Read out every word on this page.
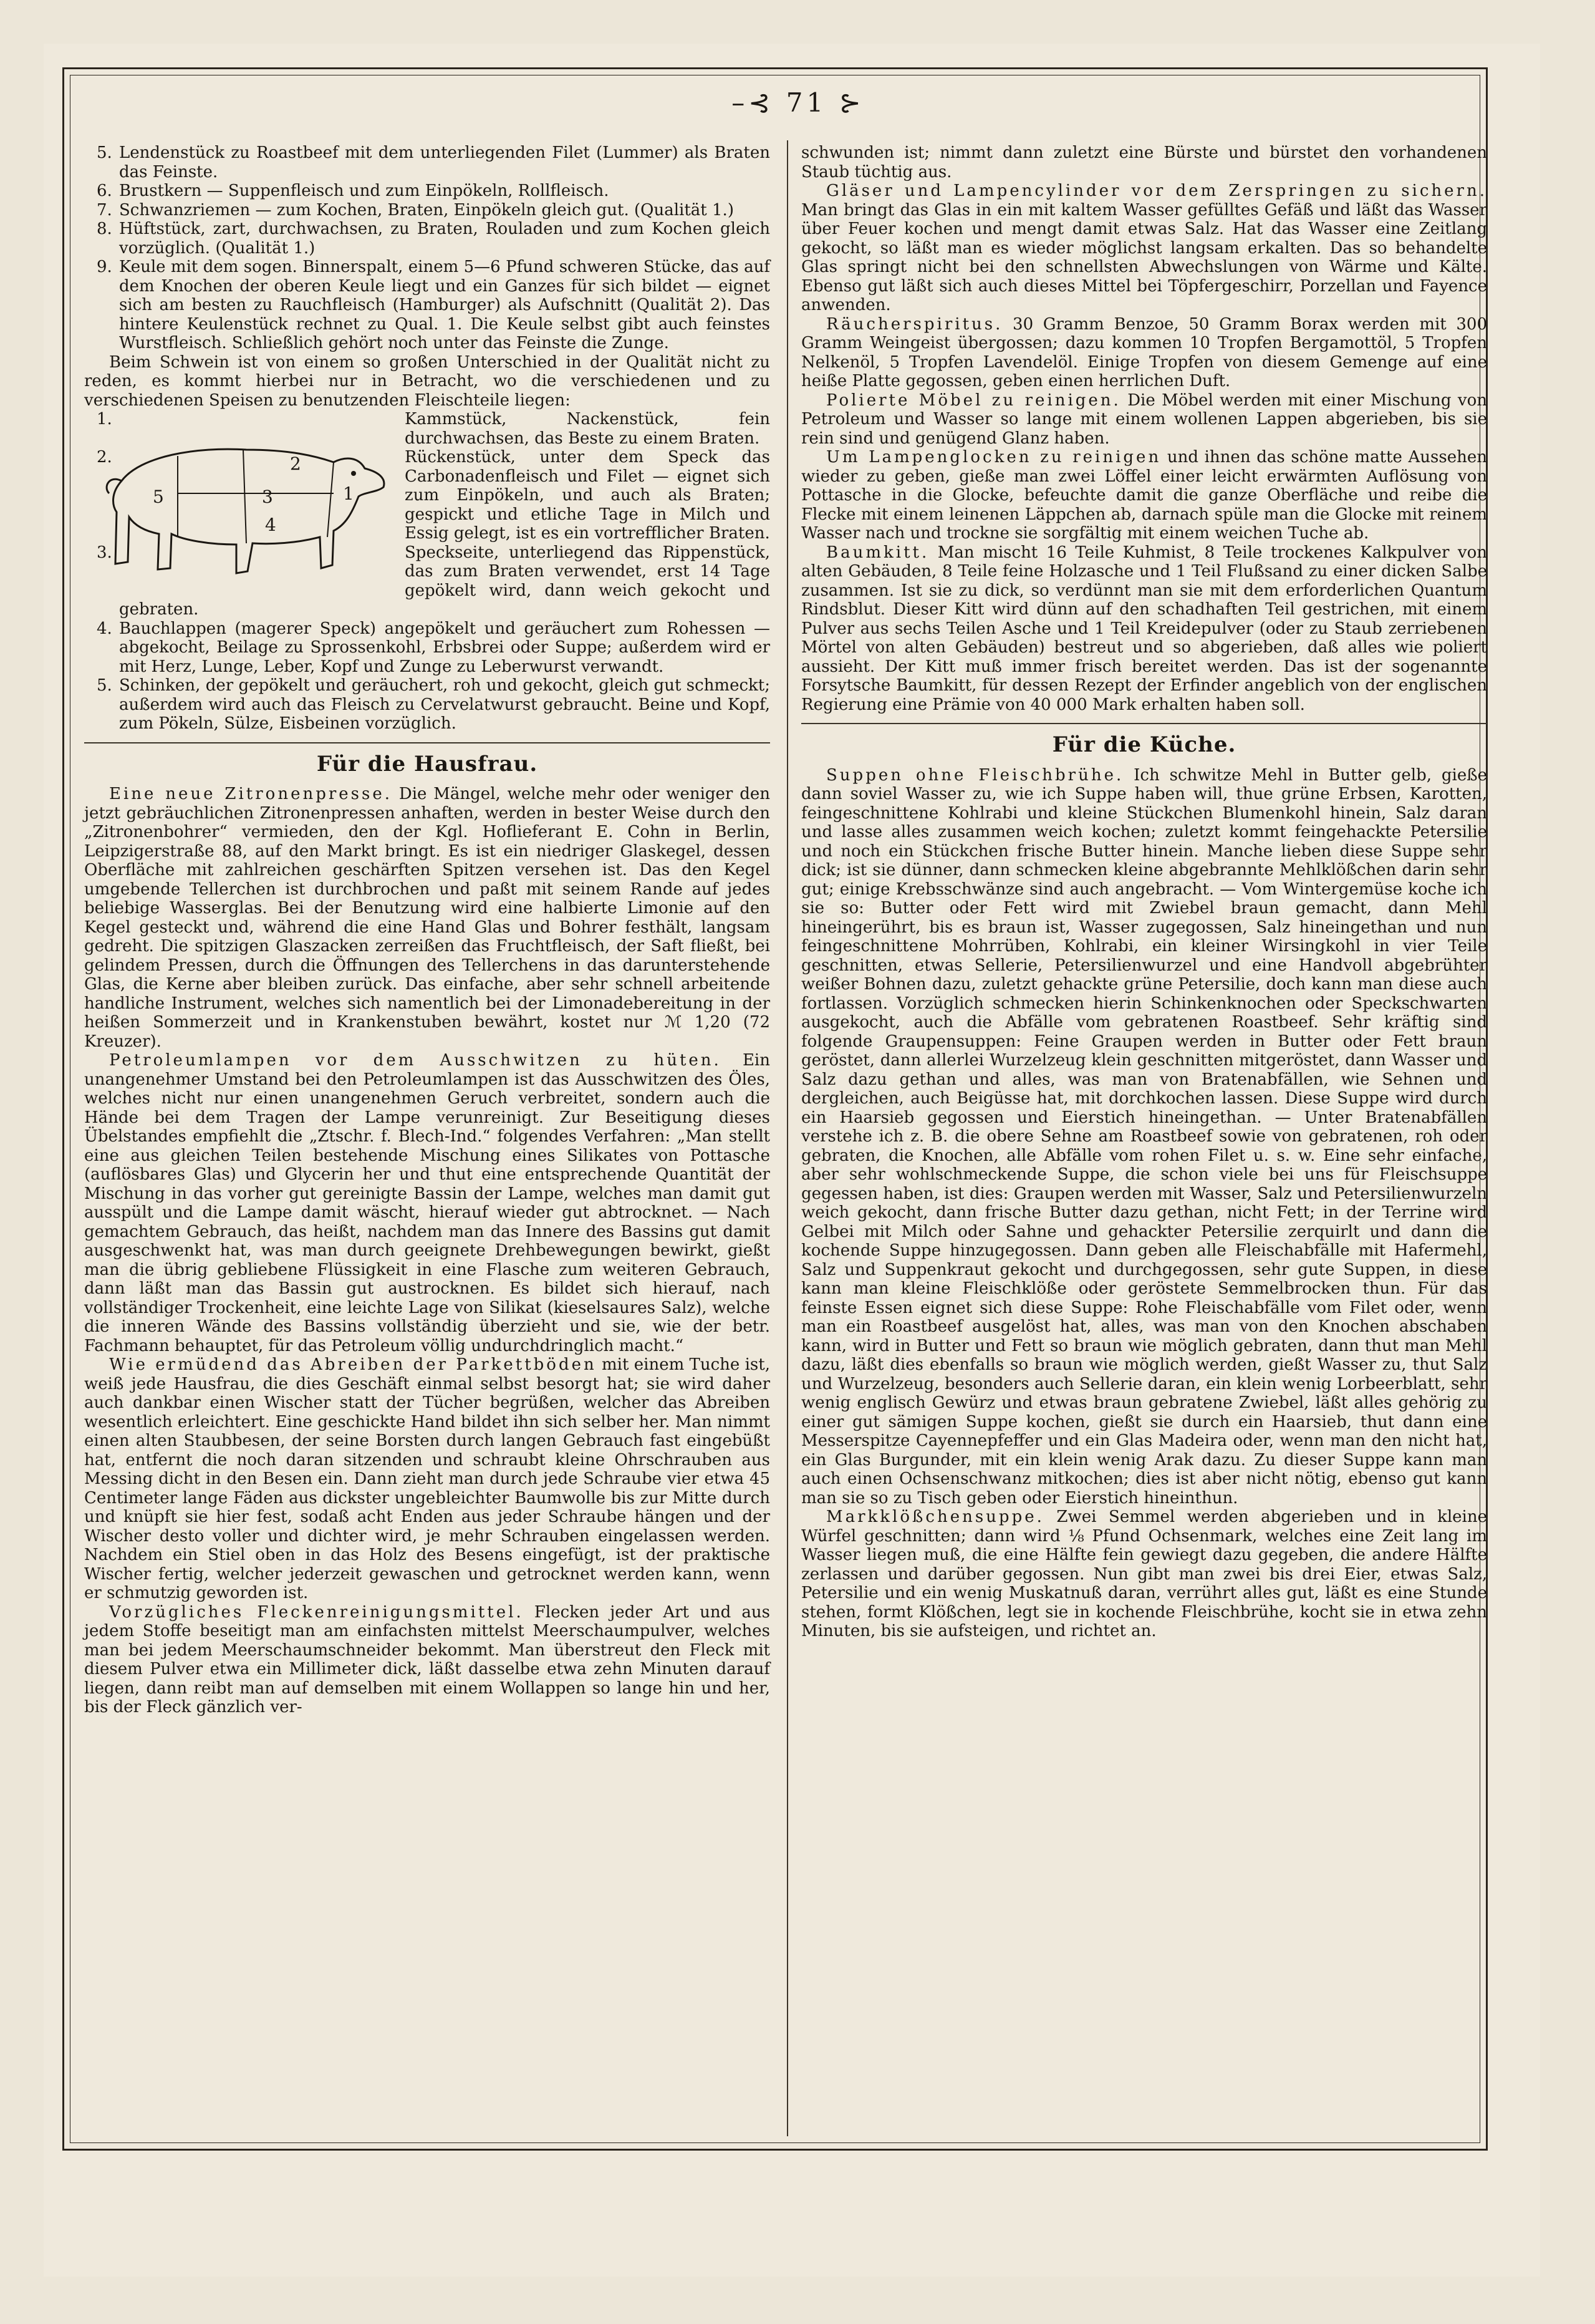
–⊰ 71 ⊱
5. Lendenstück zu Roastbeef mit dem unterliegenden Filet (Lummer) als Braten das Feinste.
6. Brustkern — Suppenfleisch und zum Einpökeln, Rollfleisch.
7. Schwanzriemen — zum Kochen, Braten, Einpökeln gleich gut. (Qualität 1.)
8. Hüftstück, zart, durchwachsen, zu Braten, Rouladen und zum Kochen gleich vorzüglich. (Qualität 1.)
9. Keule mit dem sogen. Binnerspalt, einem 5—6 Pfund schweren Stücke, das auf dem Knochen der oberen Keule liegt und ein Ganzes für sich bildet — eignet sich am besten zu Rauchfleisch (Hamburger) als Aufschnitt (Qualität 2). Das hintere Keulenstück rechnet zu Qual. 1. Die Keule selbst gibt auch feinstes Wurstfleisch. Schließlich gehört noch unter das Feinste die Zunge.

Beim Schwein ist von einem so großen Unterschied in der Qualität nicht zu reden, es kommt hierbei nur in Betracht, wo die verschiedenen und zu verschiedenen Speisen zu benutzenden Fleischteile liegen:

1
2
3
4
5
1.	Kammstück, Nackenstück, fein durchwachsen, das Beste zu einem Braten.
2.	Rückenstück, unter dem Speck das Carbonadenfleisch und Filet — eignet sich zum Einpökeln, und auch als Braten; gespickt und etliche Tage in Milch und Essig gelegt, ist es ein vortrefflicher Braten.
3.	Speckseite, unterliegend das Rippenstück, das zum Braten verwendet, erst 14 Tage gepökelt wird, dann weich gekocht und gebraten.
4. Bauchlappen (magerer Speck) angepökelt und geräuchert zum Rohessen — abgekocht, Beilage zu Sprossenkohl, Erbsbrei oder Suppe; außerdem wird er mit Herz, Lunge, Leber, Kopf und Zunge zu Leberwurst verwandt.
5. Schinken, der gepökelt und geräuchert, roh und gekocht, gleich gut schmeckt; außerdem wird auch das Fleisch zu Cervelatwurst gebraucht. Beine und Kopf, zum Pökeln, Sülze, Eisbeinen vorzüglich.
Für die Hausfrau.

Eine neue Zitronenpresse. Die Mängel, welche mehr oder weniger den jetzt gebräuchlichen Zitronenpressen anhaften, werden in bester Weise durch den „Zitronenbohrer“ vermieden, den der Kgl. Hoflieferant E. Cohn in Berlin, Leipzigerstraße 88, auf den Markt bringt. Es ist ein niedriger Glaskegel, dessen Oberfläche mit zahlreichen geschärften Spitzen versehen ist. Das den Kegel umgebende Tellerchen ist durchbrochen und paßt mit seinem Rande auf jedes beliebige Wasserglas. Bei der Benutzung wird eine halbierte Limonie auf den Kegel gesteckt und, während die eine Hand Glas und Bohrer festhält, langsam gedreht. Die spitzigen Glaszacken zerreißen das Fruchtfleisch, der Saft fließt, bei gelindem Pressen, durch die Öffnungen des Tellerchens in das darunterstehende Glas, die Kerne aber bleiben zurück. Das einfache, aber sehr schnell arbeitende handliche Instrument, welches sich namentlich bei der Limonadebereitung in der heißen Sommerzeit und in Krankenstuben bewährt, kostet nur ℳ 1,20 (72 Kreuzer).

Petroleumlampen vor dem Ausschwitzen zu hüten. Ein unangenehmer Umstand bei den Petroleumlampen ist das Ausschwitzen des Öles, welches nicht nur einen unangenehmen Geruch verbreitet, sondern auch die Hände bei dem Tragen der Lampe verunreinigt. Zur Beseitigung dieses Übelstandes empfiehlt die „Ztschr. f. Blech-Ind.“ folgendes Verfahren: „Man stellt eine aus gleichen Teilen bestehende Mischung eines Silikates von Pottasche (auflösbares Glas) und Glycerin her und thut eine entsprechende Quantität der Mischung in das vorher gut gereinigte Bassin der Lampe, welches man damit gut ausspült und die Lampe damit wäscht, hierauf wieder gut abtrocknet. — Nach gemachtem Gebrauch, das heißt, nachdem man das Innere des Bassins gut damit ausgeschwenkt hat, was man durch geeignete Drehbewegungen bewirkt, gießt man die übrig gebliebene Flüssigkeit in eine Flasche zum weiteren Gebrauch, dann läßt man das Bassin gut austrocknen. Es bildet sich hierauf, nach vollständiger Trockenheit, eine leichte Lage von Silikat (kieselsaures Salz), welche die inneren Wände des Bassins vollständig überzieht und sie, wie der betr. Fachmann behauptet, für das Petroleum völlig undurchdringlich macht.“

Wie ermüdend das Abreiben der Parkettböden mit einem Tuche ist, weiß jede Hausfrau, die dies Geschäft einmal selbst besorgt hat; sie wird daher auch dankbar einen Wischer statt der Tücher begrüßen, welcher das Abreiben wesentlich erleichtert. Eine geschickte Hand bildet ihn sich selber her. Man nimmt einen alten Staubbesen, der seine Borsten durch langen Gebrauch fast eingebüßt hat, entfernt die noch daran sitzenden und schraubt kleine Ohrschrauben aus Messing dicht in den Besen ein. Dann zieht man durch jede Schraube vier etwa 45 Centimeter lange Fäden aus dickster ungebleichter Baumwolle bis zur Mitte durch und knüpft sie hier fest, sodaß acht Enden aus jeder Schraube hängen und der Wischer desto voller und dichter wird, je mehr Schrauben eingelassen werden. Nachdem ein Stiel oben in das Holz des Besens eingefügt, ist der praktische Wischer fertig, welcher jederzeit gewaschen und getrocknet werden kann, wenn er schmutzig geworden ist.

Vorzügliches Fleckenreinigungsmittel. Flecken jeder Art und aus jedem Stoffe beseitigt man am einfachsten mittelst Meerschaumpulver, welches man bei jedem Meerschaumschneider bekommt. Man überstreut den Fleck mit diesem Pulver etwa ein Millimeter dick, läßt dasselbe etwa zehn Minuten darauf liegen, dann reibt man auf demselben mit einem Wollappen so lange hin und her, bis der Fleck gänzlich ver-

schwunden ist; nimmt dann zuletzt eine Bürste und bürstet den vorhandenen Staub tüchtig aus.

Gläser und Lampencylinder vor dem Zerspringen zu sichern. Man bringt das Glas in ein mit kaltem Wasser gefülltes Gefäß und läßt das Wasser über Feuer kochen und mengt damit etwas Salz. Hat das Wasser eine Zeitlang gekocht, so läßt man es wieder möglichst langsam erkalten. Das so behandelte Glas springt nicht bei den schnellsten Abwechslungen von Wärme und Kälte. Ebenso gut läßt sich auch dieses Mittel bei Töpfergeschirr, Porzellan und Fayence anwenden.

Räucherspiritus. 30 Gramm Benzoe, 50 Gramm Borax werden mit 300 Gramm Weingeist übergossen; dazu kommen 10 Tropfen Bergamottöl, 5 Tropfen Nelkenöl, 5 Tropfen Lavendelöl. Einige Tropfen von diesem Gemenge auf eine heiße Platte gegossen, geben einen herrlichen Duft.

Polierte Möbel zu reinigen. Die Möbel werden mit einer Mischung von Petroleum und Wasser so lange mit einem wollenen Lappen abgerieben, bis sie rein sind und genügend Glanz haben.

Um Lampenglocken zu reinigen und ihnen das schöne matte Aussehen wieder zu geben, gieße man zwei Löffel einer leicht erwärmten Auflösung von Pottasche in die Glocke, befeuchte damit die ganze Oberfläche und reibe die Flecke mit einem leinenen Läppchen ab, darnach spüle man die Glocke mit reinem Wasser nach und trockne sie sorgfältig mit einem weichen Tuche ab.

Baumkitt. Man mischt 16 Teile Kuhmist, 8 Teile trockenes Kalkpulver von alten Gebäuden, 8 Teile feine Holzasche und 1 Teil Flußsand zu einer dicken Salbe zusammen. Ist sie zu dick, so verdünnt man sie mit dem erforderlichen Quantum Rindsblut. Dieser Kitt wird dünn auf den schadhaften Teil gestrichen, mit einem Pulver aus sechs Teilen Asche und 1 Teil Kreidepulver (oder zu Staub zerriebenen Mörtel von alten Gebäuden) bestreut und so abgerieben, daß alles wie poliert aussieht. Der Kitt muß immer frisch bereitet werden. Das ist der sogenannte Forsytsche Baumkitt, für dessen Rezept der Erfinder angeblich von der englischen Regierung eine Prämie von 40 000 Mark erhalten haben soll.

Für die Küche.

Suppen ohne Fleischbrühe. Ich schwitze Mehl in Butter gelb, gieße dann soviel Wasser zu, wie ich Suppe haben will, thue grüne Erbsen, Karotten, feingeschnittene Kohlrabi und kleine Stückchen Blumenkohl hinein, Salz daran und lasse alles zusammen weich kochen; zuletzt kommt feingehackte Petersilie und noch ein Stückchen frische Butter hinein. Manche lieben diese Suppe sehr dick; ist sie dünner, dann schmecken kleine abgebrannte Mehlklößchen darin sehr gut; einige Krebsschwänze sind auch angebracht. — Vom Wintergemüse koche ich sie so: Butter oder Fett wird mit Zwiebel braun gemacht, dann Mehl hineingerührt, bis es braun ist, Wasser zugegossen, Salz hineingethan und nun feingeschnittene Mohrrüben, Kohlrabi, ein kleiner Wirsingkohl in vier Teile geschnitten, etwas Sellerie, Petersilienwurzel und eine Handvoll abgebrühter weißer Bohnen dazu, zuletzt gehackte grüne Petersilie, doch kann man diese auch fortlassen. Vorzüglich schmecken hierin Schinkenknochen oder Speckschwarten ausgekocht, auch die Abfälle vom gebratenen Roastbeef. Sehr kräftig sind folgende Graupensuppen: Feine Graupen werden in Butter oder Fett braun geröstet, dann allerlei Wurzelzeug klein geschnitten mitgeröstet, dann Wasser und Salz dazu gethan und alles, was man von Bratenabfällen, wie Sehnen und dergleichen, auch Beigüsse hat, mit dorchkochen lassen. Diese Suppe wird durch ein Haarsieb gegossen und Eierstich hineingethan. — Unter Bratenabfällen verstehe ich z. B. die obere Sehne am Roastbeef sowie von gebratenen, roh oder gebraten, die Knochen, alle Abfälle vom rohen Filet u. s. w. Eine sehr einfache, aber sehr wohlschmeckende Suppe, die schon viele bei uns für Fleischsuppe gegessen haben, ist dies: Graupen werden mit Wasser, Salz und Petersilienwurzeln weich gekocht, dann frische Butter dazu gethan, nicht Fett; in der Terrine wird Gelbei mit Milch oder Sahne und gehackter Petersilie zerquirlt und dann die kochende Suppe hinzugegossen. Dann geben alle Fleischabfälle mit Hafermehl, Salz und Suppenkraut gekocht und durchgegossen, sehr gute Suppen, in diese kann man kleine Fleischklöße oder geröstete Semmelbrocken thun. Für das feinste Essen eignet sich diese Suppe: Rohe Fleischabfälle vom Filet oder, wenn man ein Roastbeef ausgelöst hat, alles, was man von den Knochen abschaben kann, wird in Butter und Fett so braun wie möglich gebraten, dann thut man Mehl dazu, läßt dies ebenfalls so braun wie möglich werden, gießt Wasser zu, thut Salz und Wurzelzeug, besonders auch Sellerie daran, ein klein wenig Lorbeerblatt, sehr wenig englisch Gewürz und etwas braun gebratene Zwiebel, läßt alles gehörig zu einer gut sämigen Suppe kochen, gießt sie durch ein Haarsieb, thut dann eine Messerspitze Cayennepfeffer und ein Glas Madeira oder, wenn man den nicht hat, ein Glas Burgunder, mit ein klein wenig Arak dazu. Zu dieser Suppe kann man auch einen Ochsenschwanz mitkochen; dies ist aber nicht nötig, ebenso gut kann man sie so zu Tisch geben oder Eierstich hineinthun.

Markklößchensuppe. Zwei Semmel werden abgerieben und in kleine Würfel geschnitten; dann wird ⅛ Pfund Ochsenmark, welches eine Zeit lang im Wasser liegen muß, die eine Hälfte fein gewiegt dazu gegeben, die andere Hälfte zerlassen und darüber gegossen. Nun gibt man zwei bis drei Eier, etwas Salz, Petersilie und ein wenig Muskatnuß daran, verrührt alles gut, läßt es eine Stunde stehen, formt Klößchen, legt sie in kochende Fleischbrühe, kocht sie in etwa zehn Minuten, bis sie aufsteigen, und richtet an.
